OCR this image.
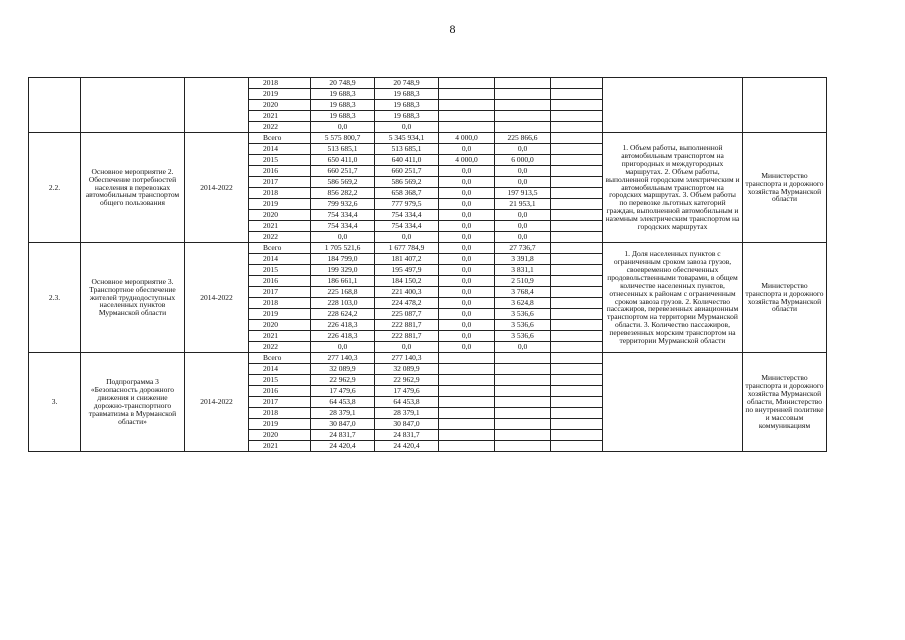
8
			2018	20 748,9	20 748,9					
			2019	19 688,3	19 688,3					
			2020	19 688,3	19 688,3					
			2021	19 688,3	19 688,3					
			2022	0,0	0,0					
2.2.	Основное мероприятие 2. Обеспечение потребностей населения в перевозках автомобильным транспортом общего пользования	2014-2022	Всего	5 575 800,7	5 345 934,1	4 000,0	225 866,6		1. Объем работы, выполненной автомобильным транспортом на пригородных и междугородных маршрутах. 2. Объем работы, выполненной городским электрическим и автомобильным транспортом на городских маршрутах. 3. Объем работы по перевозке льготных категорий граждан, выполненной автомобильным и наземным электрическим транспортом на городских маршрутах	Министерство транспорта и дорожного хозяйства Мурманской области
			2014	513 685,1	513 685,1	0,0	0,0			
			2015	650 411,0	640 411,0	4 000,0	6 000,0			
			2016	660 251,7	660 251,7	0,0	0,0			
			2017	586 569,2	586 569,2	0,0	0,0			
			2018	856 282,2	658 368,7	0,0	197 913,5			
			2019	799 932,6	777 979,5	0,0	21 953,1			
			2020	754 334,4	754 334,4	0,0	0,0			
			2021	754 334,4	754 334,4	0,0	0,0			
			2022	0,0	0,0	0,0	0,0			
2.3.	Основное мероприятие 3. Транспортное обеспечение жителей труднодоступных населенных пунктов Мурманской области	2014-2022	Всего	1 705 521,6	1 677 784,9	0,0	27 736,7		1. Доля населенных пунктов с ограниченным сроком завоза грузов, своевременно обеспеченных продовольственными товарами, в общем количестве населенных пунктов, отнесенных к районам с ограниченным сроком завоза грузов. 2. Количество пассажиров, перевезенных авиационным транспортом на территории Мурманской области. 3. Количество пассажиров, перевезенных морским транспортом на территории Мурманской области	Министерство транспорта и дорожного хозяйства Мурманской области
			2014	184 799,0	181 407,2	0,0	3 391,8			
			2015	199 329,0	195 497,9	0,0	3 831,1			
			2016	186 661,1	184 150,2	0,0	2 510,9			
			2017	225 168,8	221 400,3	0,0	3 768,4			
			2018	228 103,0	224 478,2	0,0	3 624,8			
			2019	228 624,2	225 087,7	0,0	3 536,6			
			2020	226 418,3	222 881,7	0,0	3 536,6			
			2021	226 418,3	222 881,7	0,0	3 536,6			
			2022	0,0	0,0	0,0	0,0			
3.	Подпрограмма 3 «Безопасность дорожного движения и снижение дорожно-транспортного травматизма в Мурманской области»	2014-2022	Всего	277 140,3	277 140,3					Министерство транспорта и дорожного хозяйства Мурманской области, Министерство по внутренней политике и массовым коммуникациям
			2014	32 089,9	32 089,9					
			2015	22 962,9	22 962,9					
			2016	17 479,6	17 479,6					
			2017	64 453,8	64 453,8					
			2018	28 379,1	28 379,1					
			2019	30 847,0	30 847,0					
			2020	24 831,7	24 831,7					
			2021	24 420,4	24 420,4					
